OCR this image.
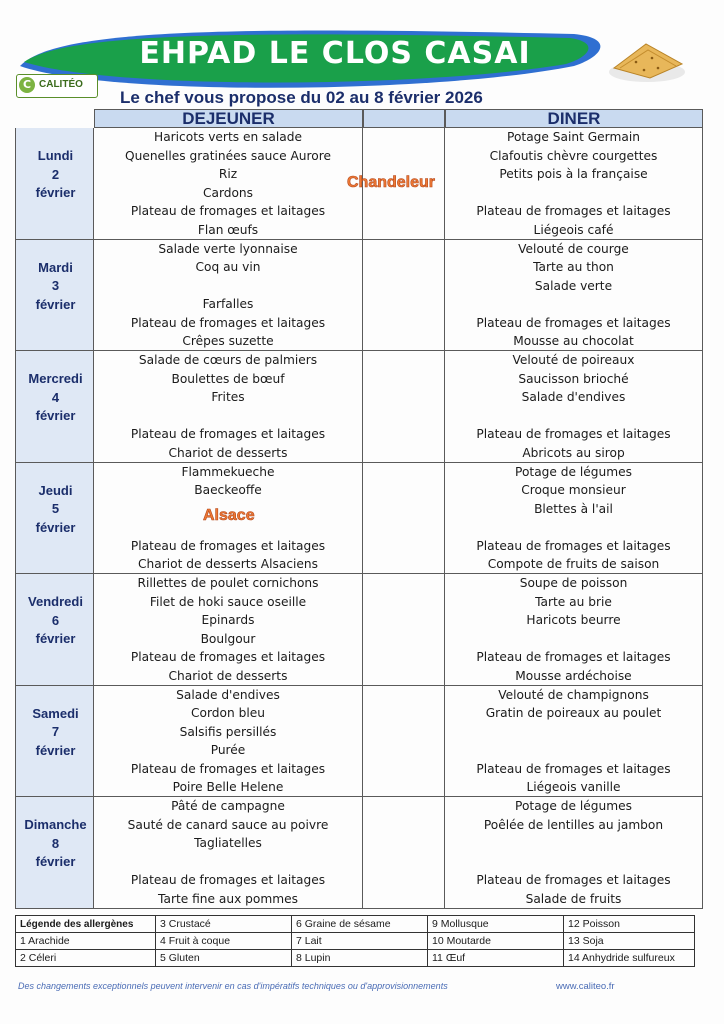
EHPAD LE CLOS CASAI
C CALITÉO
Le chef vous propose du 02 au 8 février 2026
DEJEUNER	DINER
Lundi
2
février
Haricots verts en salade
Quenelles gratinées sauce Aurore
Riz
Cardons
Plateau de fromages et laitages
Flan œufs
Potage Saint Germain
Clafoutis chèvre courgettes
Petits pois à la française
Plateau de fromages et laitages
Liégeois café
Mardi
3
février
Salade verte lyonnaise
Coq au vin
Farfalles
Plateau de fromages et laitages
Crêpes suzette
Velouté de courge
Tarte au thon
Salade verte
Plateau de fromages et laitages
Mousse au chocolat
Mercredi
4
février
Salade de cœurs de palmiers
Boulettes de bœuf
Frites
Plateau de fromages et laitages
Chariot de desserts
Velouté de poireaux
Saucisson brioché
Salade d'endives
Plateau de fromages et laitages
Abricots au sirop
Jeudi
5
février
Flammekueche
Baeckeoffe
Plateau de fromages et laitages
Chariot de desserts Alsaciens
Potage de légumes
Croque monsieur
Blettes à l'ail
Plateau de fromages et laitages
Compote de fruits de saison
Vendredi
6
février
Rillettes de poulet cornichons
Filet de hoki sauce oseille
Epinards
Boulgour
Plateau de fromages et laitages
Chariot de desserts
Soupe de poisson
Tarte au brie
Haricots beurre
Plateau de fromages et laitages
Mousse ardéchoise
Samedi
7
février
Salade d'endives
Cordon bleu
Salsifis persillés
Purée
Plateau de fromages et laitages
Poire Belle Helene
Velouté de champignons
Gratin de poireaux au poulet
Plateau de fromages et laitages
Liégeois vanille
Dimanche
8
février
Pâté de campagne
Sauté de canard sauce au poivre
Tagliatelles
Plateau de fromages et laitages
Tarte fine aux pommes
Potage de légumes
Poêlée de lentilles au jambon
Plateau de fromages et laitages
Salade de fruits
Chandeleur
Alsace
Légende des allergènes
1 Arachide
2 Céleri
3 Crustacé
4 Fruit à coque
5 Gluten
6 Graine de sésame
7 Lait
8 Lupin
9 Mollusque
10 Moutarde
11 Œuf
12 Poisson
13 Soja
14 Anhydride sulfureux
Des changements exceptionnels peuvent intervenir en cas d'impératifs techniques ou d'approvisionnements	www.caliteo.fr
